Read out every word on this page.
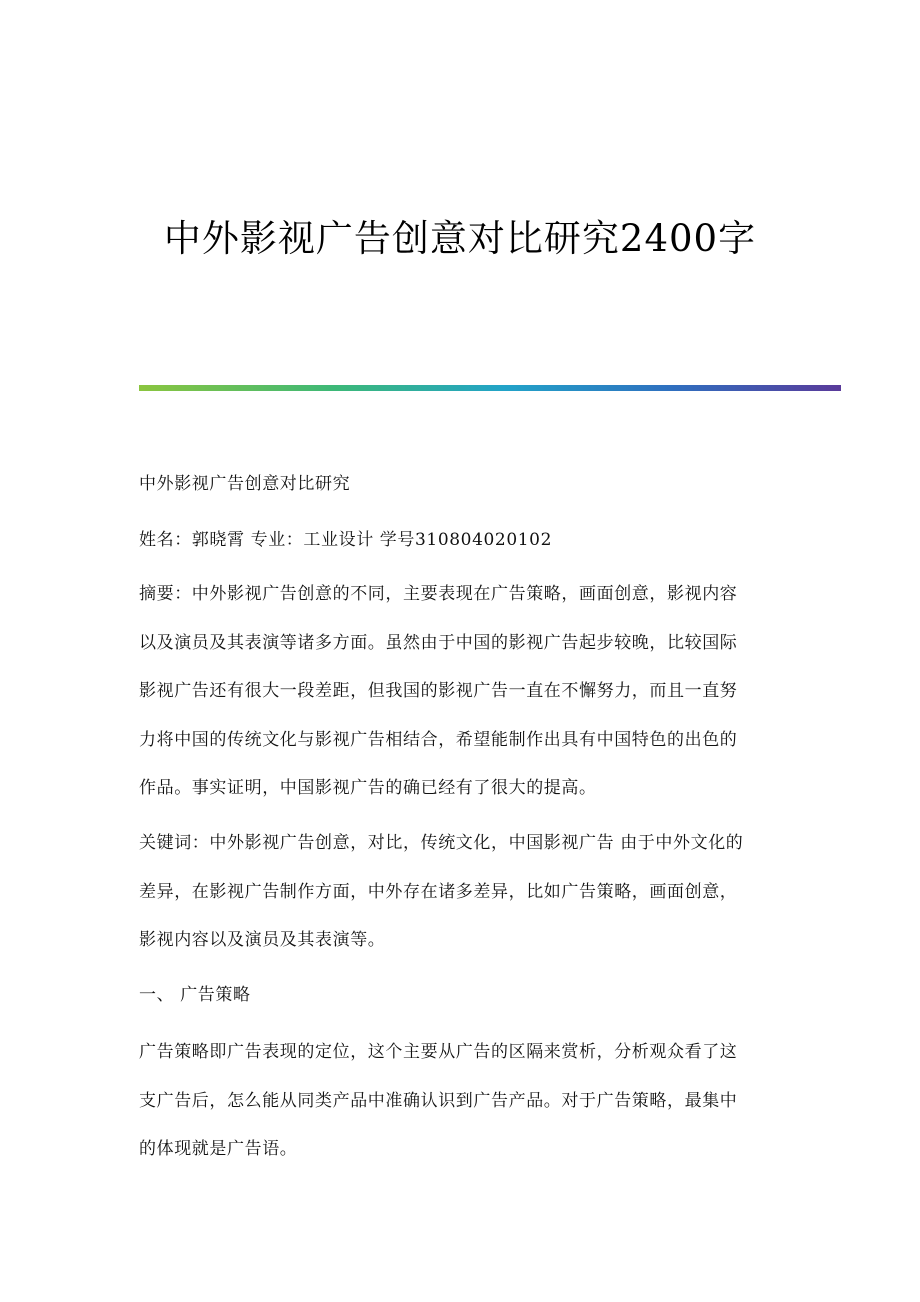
中外影视广告创意对比研究2400字
中外影视广告创意对比研究
姓名：郭晓霄 专业：工业设计 学号310804020102
摘要：中外影视广告创意的不同，主要表现在广告策略，画面创意，影视内容
以及演员及其表演等诸多方面。虽然由于中国的影视广告起步较晚，比较国际
影视广告还有很大一段差距，但我国的影视广告一直在不懈努力，而且一直努
力将中国的传统文化与影视广告相结合，希望能制作出具有中国特色的出色的
作品。事实证明，中国影视广告的确已经有了很大的提高。
关键词：中外影视广告创意，对比，传统文化，中国影视广告 由于中外文化的
差异，在影视广告制作方面，中外存在诸多差异，比如广告策略，画面创意，
影视内容以及演员及其表演等。
一、 广告策略
广告策略即广告表现的定位，这个主要从广告的区隔来赏析，分析观众看了这
支广告后，怎么能从同类产品中准确认识到广告产品。对于广告策略，最集中
的体现就是广告语。
